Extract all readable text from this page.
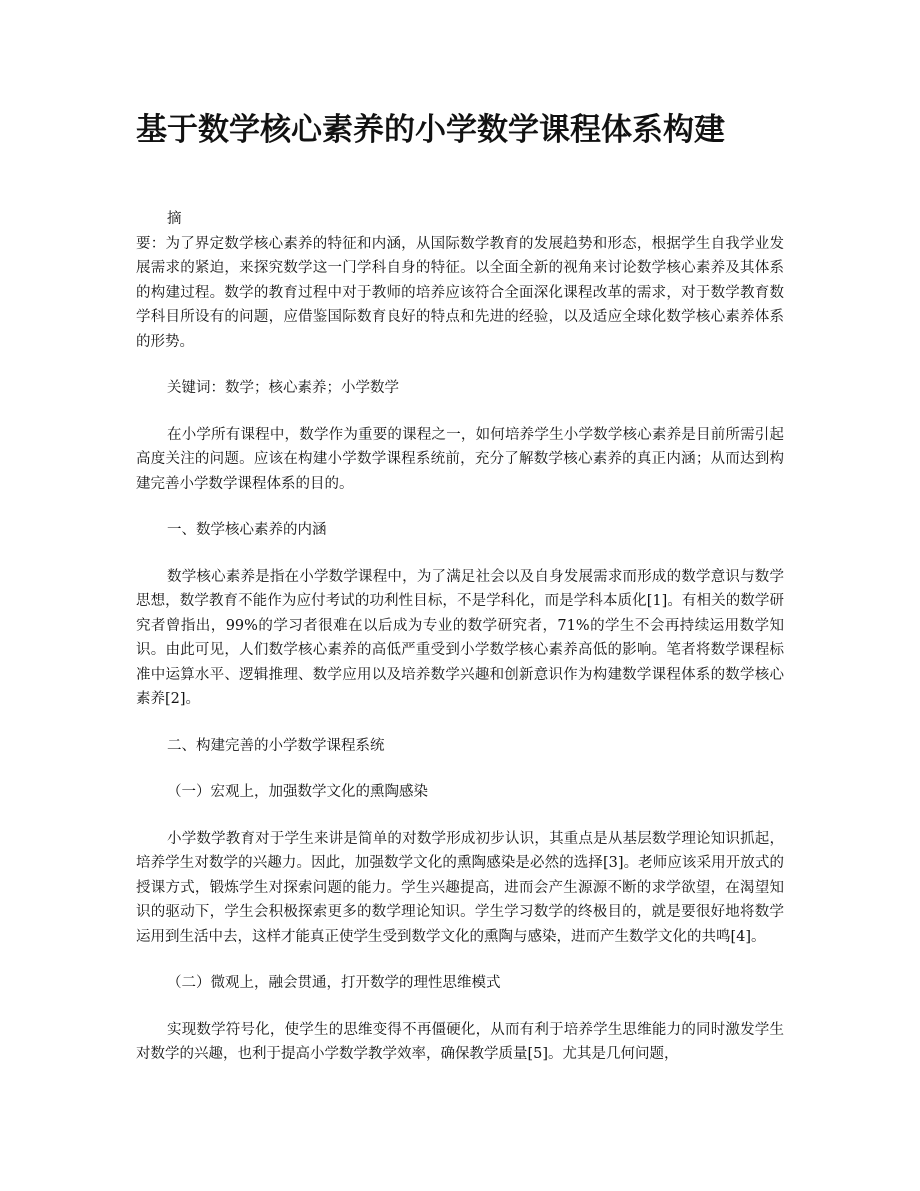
基于数学核心素养的小学数学课程体系构建

摘

要：为了界定数学核心素养的特征和内涵，从国际数学教育的发展趋势和形态，根据学生自我学业发展需求的紧迫，来探究数学这一门学科自身的特征。以全面全新的视角来讨论数学核心素养及其体系的构建过程。数学的教育过程中对于教师的培养应该符合全面深化课程改革的需求，对于数学教育数学科目所设有的问题，应借鉴国际数育良好的特点和先进的经验，以及适应全球化数学核心素养体系的形势。

关键词：数学；核心素养；小学数学

在小学所有课程中，数学作为重要的课程之一，如何培养学生小学数学核心素养是目前所需引起高度关注的问题。应该在构建小学数学课程系统前，充分了解数学核心素养的真正内涵；从而达到构建完善小学数学课程体系的目的。

一、数学核心素养的内涵

数学核心素养是指在小学数学课程中，为了满足社会以及自身发展需求而形成的数学意识与数学思想，数学教育不能作为应付考试的功利性目标，不是学科化，而是学科本质化[1]。有相关的数学研究者曾指出，99%的学习者很难在以后成为专业的数学研究者，71%的学生不会再持续运用数学知识。由此可见，人们数学核心素养的高低严重受到小学数学核心素养高低的影响。笔者将数学课程标准中运算水平、逻辑推理、数学应用以及培养数学兴趣和创新意识作为构建数学课程体系的数学核心素养[2]。

二、构建完善的小学数学课程系统

（一）宏观上，加强数学文化的熏陶感染

小学数学教育对于学生来讲是简单的对数学形成初步认识，其重点是从基层数学理论知识抓起，培养学生对数学的兴趣力。因此，加强数学文化的熏陶感染是必然的选择[3]。老师应该采用开放式的授课方式，锻炼学生对探索问题的能力。学生兴趣提高，进而会产生源源不断的求学欲望，在渴望知识的驱动下，学生会积极探索更多的数学理论知识。学生学习数学的终极目的，就是要很好地将数学运用到生活中去，这样才能真正使学生受到数学文化的熏陶与感染，进而产生数学文化的共鸣[4]。

（二）微观上，融会贯通，打开数学的理性思维模式

实现数学符号化，使学生的思维变得不再僵硬化，从而有利于培养学生思维能力的同时激发学生对数学的兴趣，也利于提高小学数学教学效率，确保教学质量[5]。尤其是几何问题，
